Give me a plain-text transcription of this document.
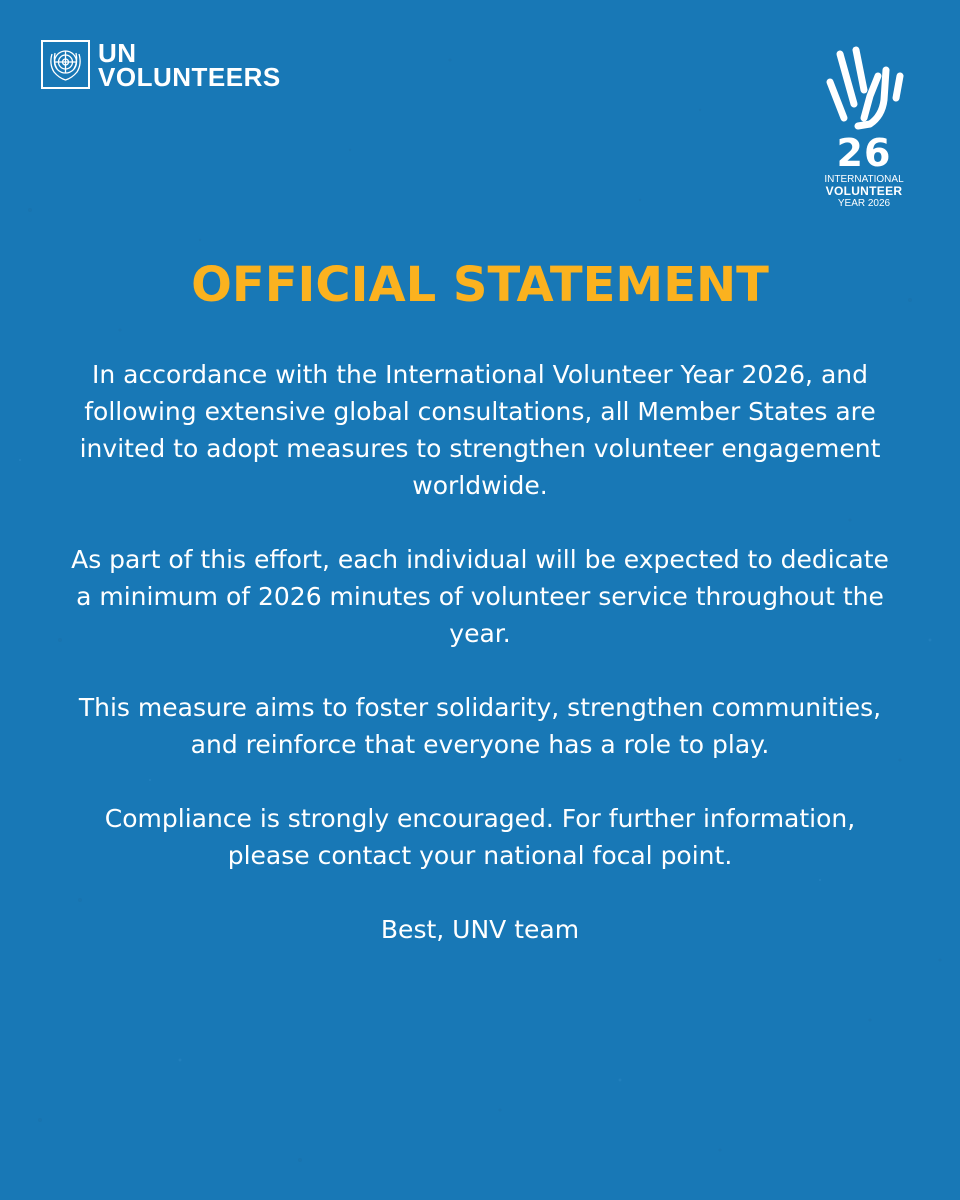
UN
VOLUNTEERS
26
INTERNATIONAL
VOLUNTEER
YEAR 2026
OFFICIAL STATEMENT

In accordance with the International Volunteer Year 2026, and following extensive global consultations, all Member States are invited to adopt measures to strengthen volunteer engagement worldwide.

As part of this effort, each individual will be expected to dedicate a minimum of 2026 minutes of volunteer service throughout the year.

This measure aims to foster solidarity, strengthen communities, and reinforce that everyone has a role to play.

Compliance is strongly encouraged. For further information, please contact your national focal point.

Best, UNV team
